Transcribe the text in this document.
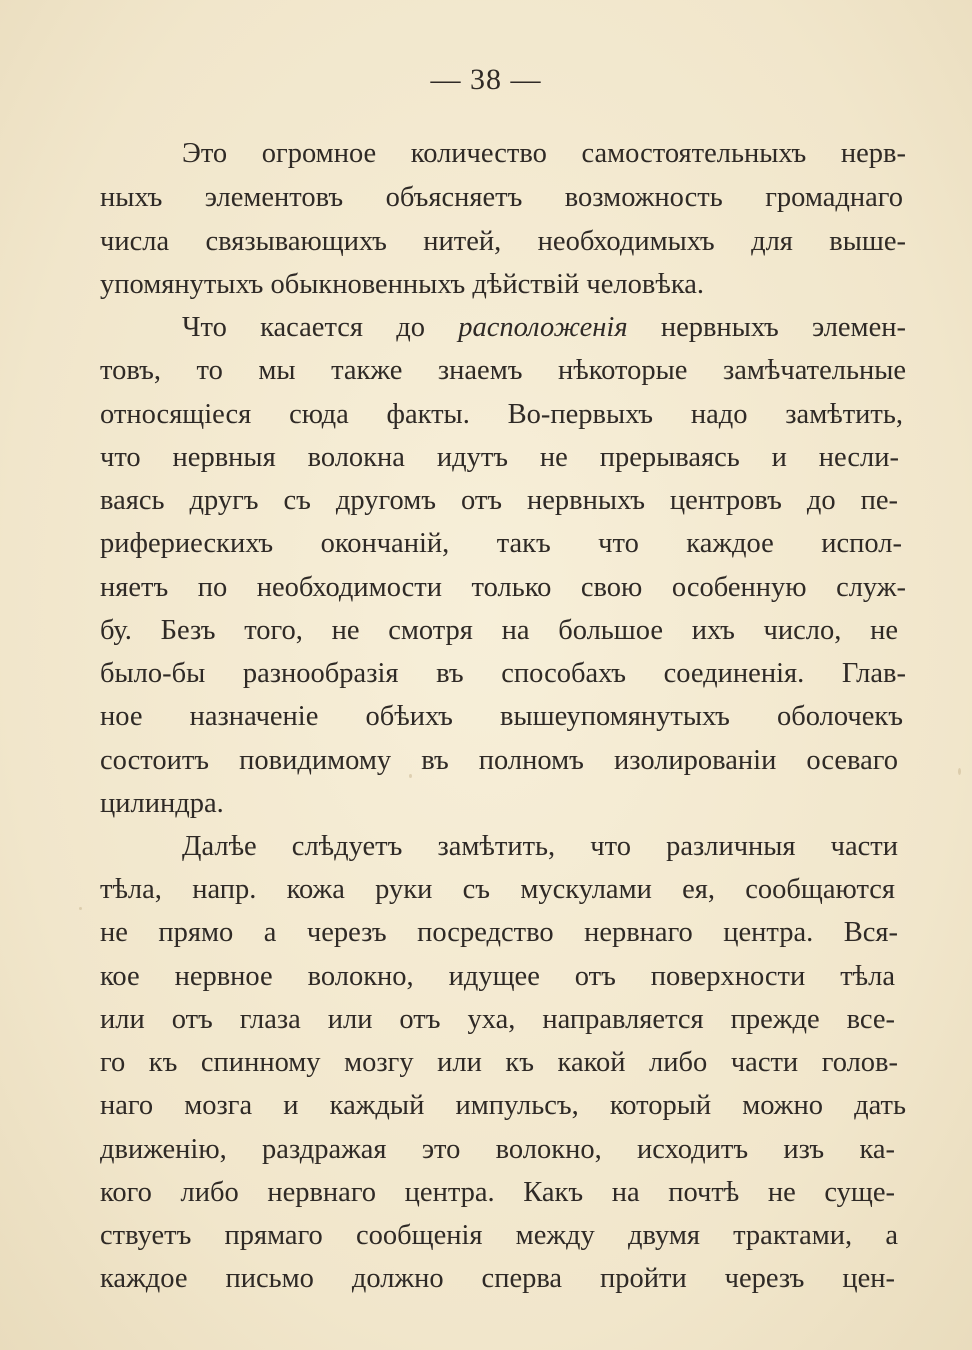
— 38 —
Это огромное количество самостоятельныхъ нерв-
ныхъ элементовъ объясняетъ возможность громаднаго
числа связывающихъ нитей, необходимыхъ для выше-
упомянутыхъ обыкновенныхъ дѣйствій человѣка.
Что касается до расположенія нервныхъ элемен-
товъ, то мы также знаемъ нѣкоторые замѣчательные
относящіеся сюда факты. Во-первыхъ надо замѣтить,
что нервныя волокна идутъ не прерываясь и несли-
ваясь другъ съ другомъ отъ нервныхъ центровъ до пе-
рифериескихъ окончаній, такъ что каждое испол-
няетъ по необходимости только свою особенную служ-
бу. Безъ того, не смотря на большое ихъ число, не
было-бы разнообразія въ способахъ соединенія. Глав-
ное назначеніе обѣихъ вышеупомянутыхъ оболочекъ
состоитъ повидимому въ полномъ изолированіи осеваго
цилиндра.
Далѣе слѣдуетъ замѣтить, что различныя части
тѣла, напр. кожа руки съ мускулами ея, сообщаются
не прямо а черезъ посредство нервнаго центра. Вся-
кое нервное волокно, идущее отъ поверхности тѣла
или отъ глаза или отъ уха, направляется прежде все-
го къ спинному мозгу или къ какой либо части голов-
наго мозга и каждый импульсъ, который можно дать
движенію, раздражая это волокно, исходитъ изъ ка-
кого либо нервнаго центра. Какъ на почтѣ не суще-
ствуетъ прямаго сообщенія между двумя трактами, а
каждое письмо должно сперва пройти черезъ цен-
